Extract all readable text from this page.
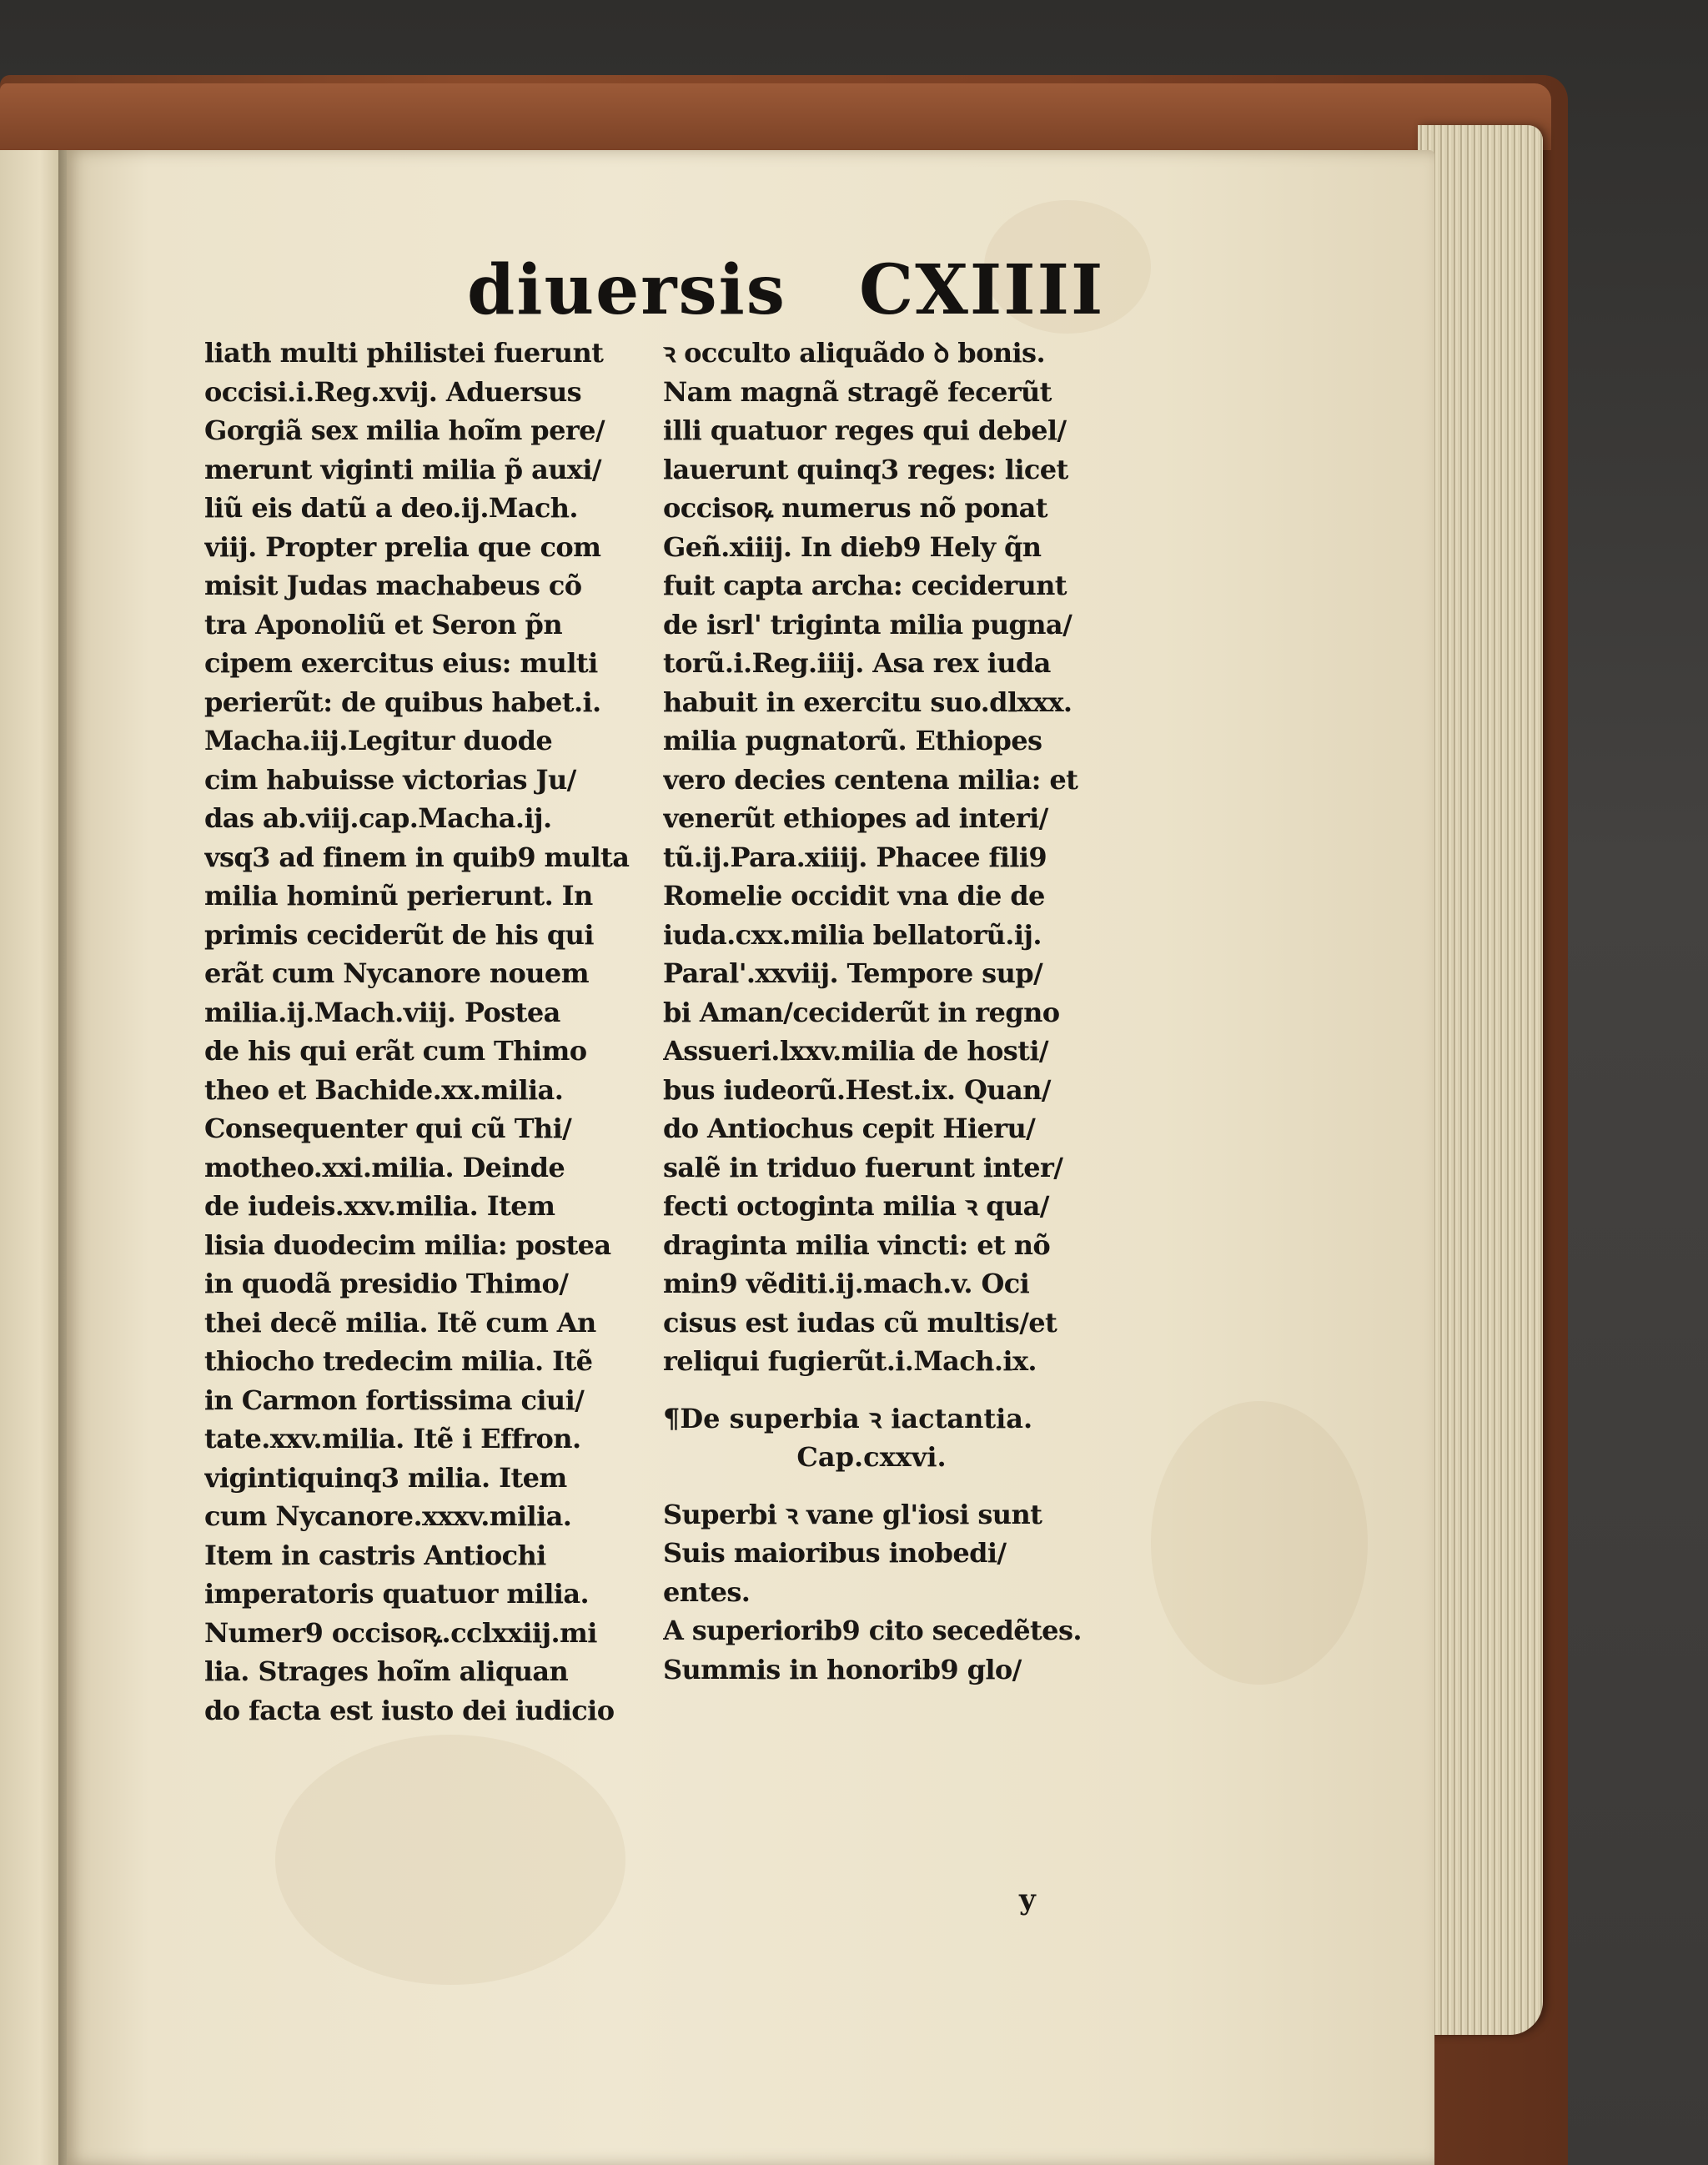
diuersis CXIIII
liath multi philistei fuerunt
occisi.i.Reg.xvij. Aduersus
Gorgiã sex milia hoĩm pere/
merunt viginti milia p̃ auxi/
liũ eis datũ a deo.ij.Mach.
viij. Propter prelia que com
misit Judas machabeus cõ
tra Aponoliũ et Seron p̃n
cipem exercitus eius: multi
perierũt: de quibus habet.i.
Macha.iij.Legitur duode
cim habuisse victorias Ju/
das ab.viij.cap.Macha.ij.
vsq3 ad finem in quib9 multa
milia hominũ perierunt. In
primis ceciderũt de his qui
erãt cum Nycanore nouem
milia.ij.Mach.viij. Postea
de his qui erãt cum Thimo
theo et Bachide.xx.milia.
Consequenter qui cũ Thi/
motheo.xxi.milia. Deinde
de iudeis.xxv.milia. Item
lisia duodecim milia: postea
in quodã presidio Thimo/
thei decẽ milia. Itẽ cum An
thiocho tredecim milia. Itẽ
in Carmon fortissima ciui/
tate.xxv.milia. Itẽ i Effron.
vigintiquinq3 milia. Item
cum Nycanore.xxxv.milia.
Item in castris Antiochi
imperatoris quatuor milia.
Numer9 occisoꝶ.cclxxiij.mi
lia. Strages hoĩm aliquan
do facta est iusto dei iudicio
ꝛ occulto aliquãdo ꝺ bonis.
Nam magnã stragẽ fecerũt
illi quatuor reges qui debel/
lauerunt quinq3 reges: licet
occisoꝶ numerus nõ ponat
Geñ.xiiij. In dieb9 Hely q̃n
fuit capta archa: ceciderunt
de isrl' triginta milia pugna/
torũ.i.Reg.iiij. Asa rex iuda
habuit in exercitu suo.dlxxx.
milia pugnatorũ. Ethiopes
vero decies centena milia: et
venerũt ethiopes ad interi/
tũ.ij.Para.xiiij. Phacee fili9
Romelie occidit vna die de
iuda.cxx.milia bellatorũ.ij.
Paral'.xxviij. Tempore sup/
bi Aman/ceciderũt in regno
Assueri.lxxv.milia de hosti/
bus iudeorũ.Hest.ix. Quan/
do Antiochus cepit Hieru/
salẽ in triduo fuerunt inter/
fecti octoginta milia ꝛ qua/
draginta milia vincti: et nõ
min9 vẽditi.ij.mach.v. Oci
cisus est iudas cũ multis/et
reliqui fugierũt.i.Mach.ix.
¶De superbia ꝛ iactantia.
Cap.cxxvi.
Superbi ꝛ vane gl'iosi sunt
Suis maioribus inobedi/
entes.
A superiorib9 cito secedẽtes.
Summis in honorib9 glo/
y
